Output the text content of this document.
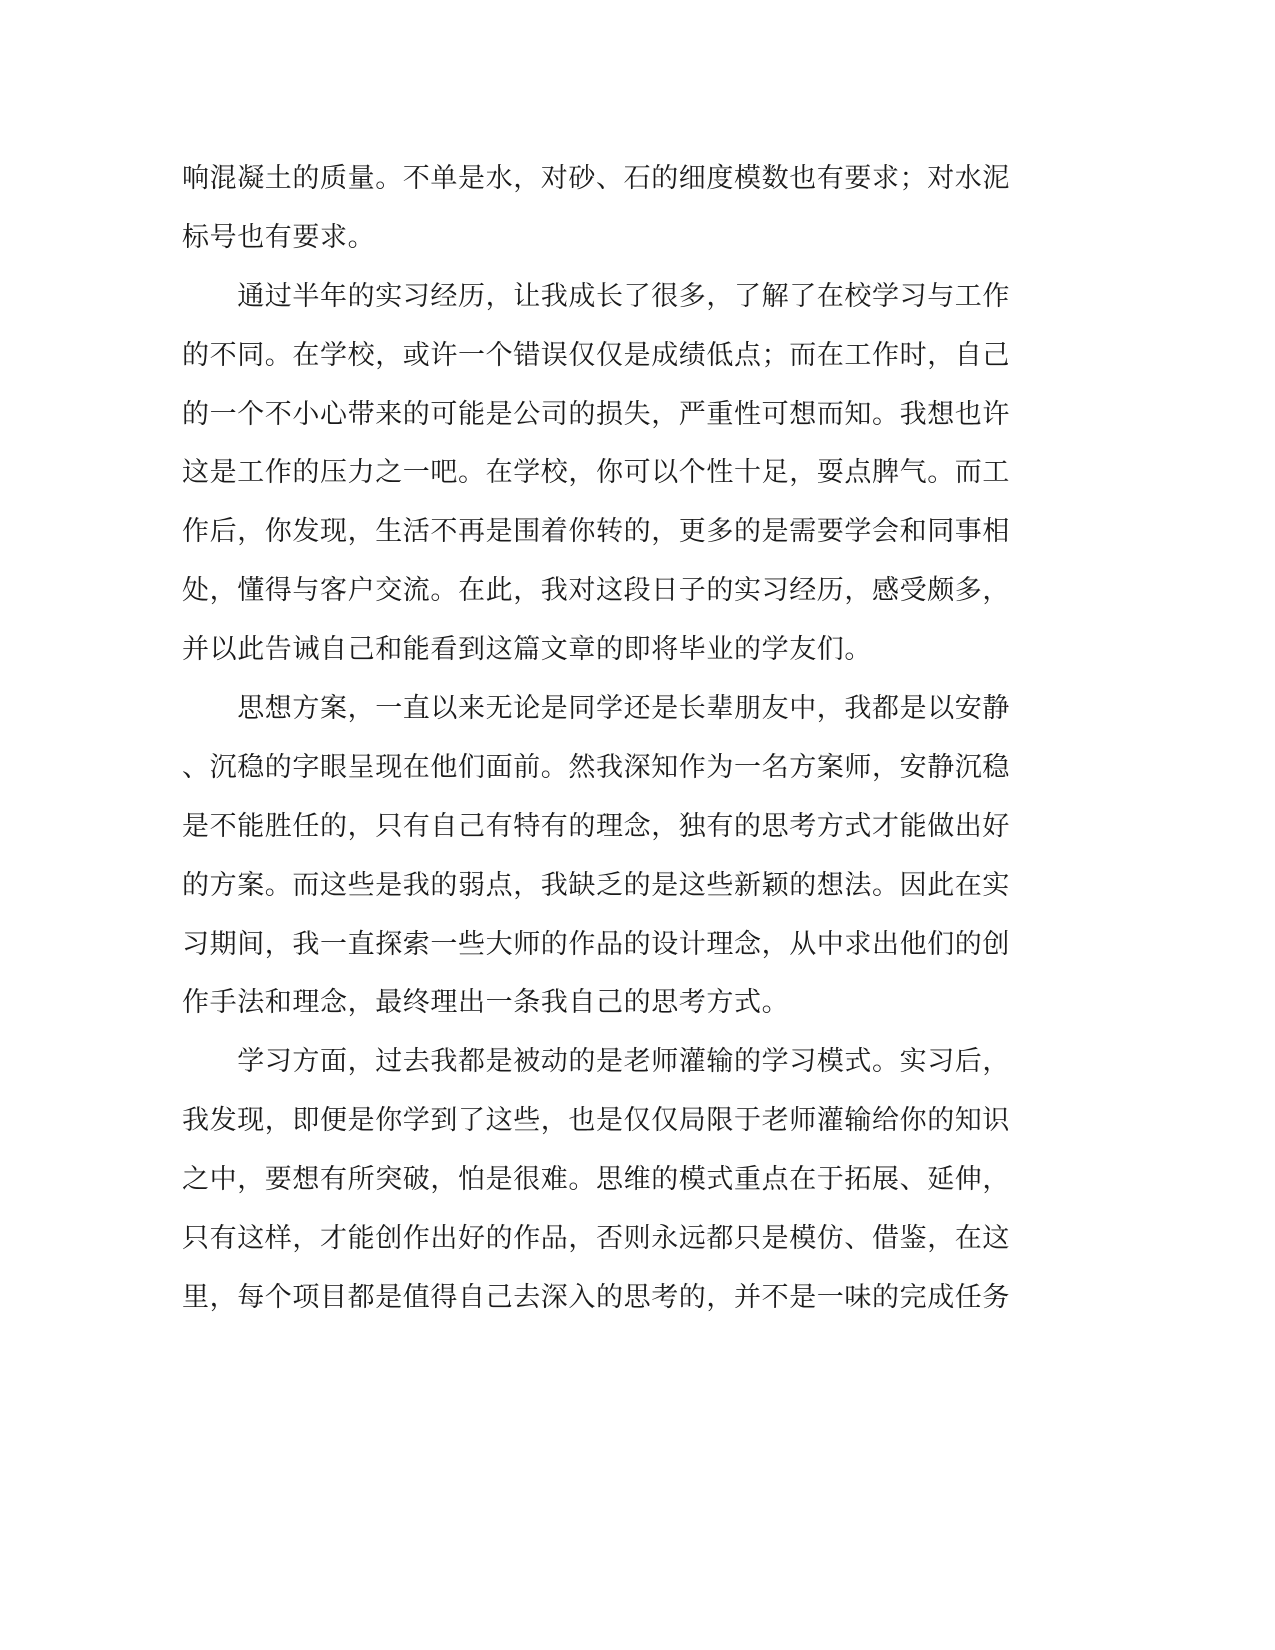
响混凝土的质量。不单是水，对砂、石的细度模数也有要求；对水泥
标号也有要求。
　　通过半年的实习经历，让我成长了很多，了解了在校学习与工作
的不同。在学校，或许一个错误仅仅是成绩低点；而在工作时，自己
的一个不小心带来的可能是公司的损失，严重性可想而知。我想也许
这是工作的压力之一吧。在学校，你可以个性十足，耍点脾气。而工
作后，你发现，生活不再是围着你转的，更多的是需要学会和同事相
处，懂得与客户交流。在此，我对这段日子的实习经历，感受颇多，
并以此告诫自己和能看到这篇文章的即将毕业的学友们。
　　思想方案，一直以来无论是同学还是长辈朋友中，我都是以安静
、沉稳的字眼呈现在他们面前。然我深知作为一名方案师，安静沉稳
是不能胜任的，只有自己有特有的理念，独有的思考方式才能做出好
的方案。而这些是我的弱点，我缺乏的是这些新颖的想法。因此在实
习期间，我一直探索一些大师的作品的设计理念，从中求出他们的创
作手法和理念，最终理出一条我自己的思考方式。
　　学习方面，过去我都是被动的是老师灌输的学习模式。实习后，
我发现，即便是你学到了这些，也是仅仅局限于老师灌输给你的知识
之中，要想有所突破，怕是很难。思维的模式重点在于拓展、延伸，
只有这样，才能创作出好的作品，否则永远都只是模仿、借鉴，在这
里，每个项目都是值得自己去深入的思考的，并不是一味的完成任务
